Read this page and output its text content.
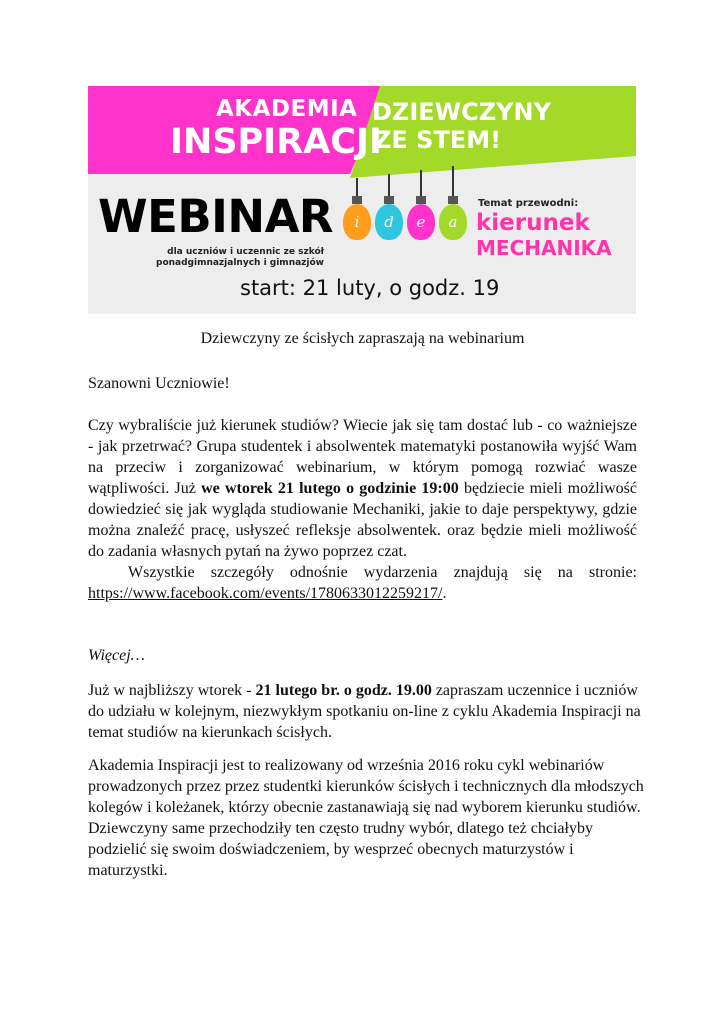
AKADEMIA
INSPIRACJI
DZIEWCZYNY
ZE STEM!
WEBINAR
dla uczniów i uczennic ze szkół
ponadgimnazjalnych i gimnazjów
i	d	e	a
Temat przewodni:
kierunek
MECHANIKA
start: 21 luty, o godz. 19
Dziewczyny ze ścisłych zapraszają na webinarium
Szanowni Uczniowie!

Czy wybraliście już kierunek studiów? Wiecie jak się tam dostać lub - co ważniejsze - jak przetrwać? Grupa studentek i absolwentek matematyki postanowiła wyjść Wam na przeciw i zorganizować webinarium, w którym pomogą rozwiać wasze wątpliwości. Już we wtorek 21 lutego o godzinie 19:00 będziecie mieli możliwość dowiedzieć się jak wygląda studiowanie Mechaniki, jakie to daje perspektywy, gdzie można znaleźć pracę, usłyszeć refleksje absolwentek. oraz będzie mieli możliwość do zadania własnych pytań na żywo poprzez czat.

Wszystkie szczegóły odnośnie wydarzenia znajdują się na stronie: https://www.facebook.com/events/1780633012259217/.

Więcej…

Już w najbliższy wtorek - 21 lutego br. o godz. 19.00 zapraszam uczennice i uczniów do udziału w kolejnym, niezwykłym spotkaniu on-line z cyklu Akademia Inspiracji na temat studiów na kierunkach ścisłych.

Akademia Inspiracji jest to realizowany od września 2016 roku cykl webinariów prowadzonych przez przez studentki kierunków ścisłych i technicznych dla młodszych kolegów i koleżanek, którzy obecnie zastanawiają się nad wyborem kierunku studiów. Dziewczyny same przechodziły ten często trudny wybór, dlatego też chciałyby podzielić się swoim doświadczeniem, by wesprzeć obecnych maturzystów i maturzystki.
